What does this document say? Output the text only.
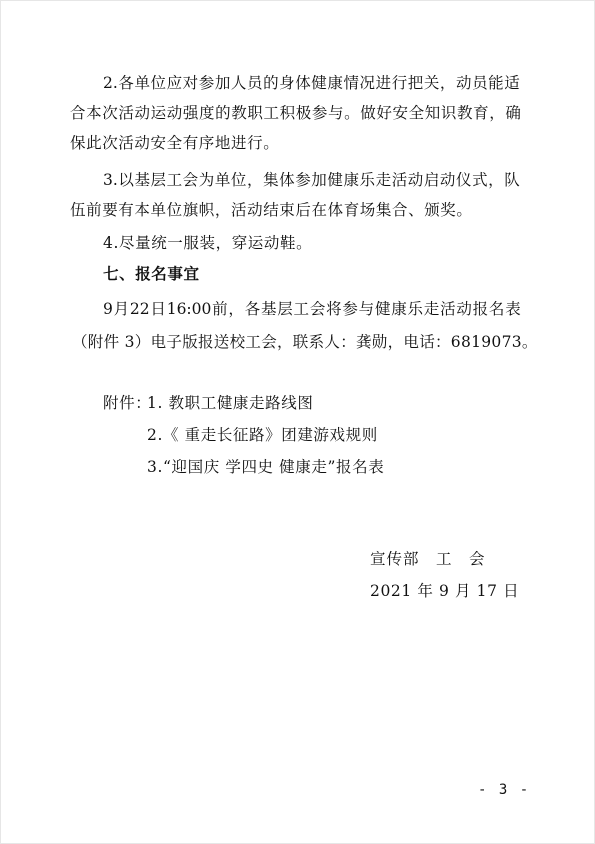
2. 各 单 位 应 对 参 加 人 员 的 身 体 健 康 情 况 进 行 把 关 ， 动 员 能 适
合 本 次 活 动 运 动 强 度 的 教 职 工 积 极 参 与 。 做 好 安 全 知 识 教 育 ， 确
保此次活动安全有序地进行。
3. 以 基 层 工 会 为 单 位 ， 集 体 参 加 健 康 乐 走 活 动 启 动 仪 式 ， 队
伍前要有本单位旗帜，活动结束后在体育场集合、颁奖。
4.尽量统一服装，穿运动鞋。
七、报名事宜
9 月 22 日 16:00 前 ， 各 基 层 工 会 将 参 与 健 康 乐 走 活 动 报 名 表
（附件 3）电子版报送校工会，联系人：龚勋，电话：6819073。
附件：
1. 教职工健康走路线图
2.《 重走长征路》团建游戏规则
3.“迎国庆 学四史 健康走”报名表
宣传部　工　会
2021 年 9 月 17 日
- 3 -
